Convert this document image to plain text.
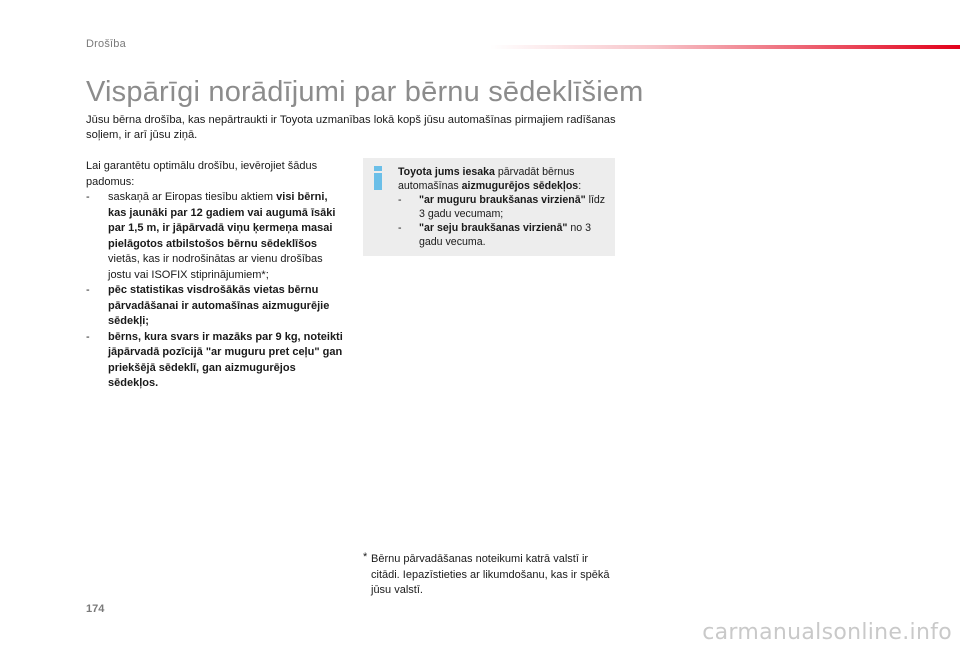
Drošība
Vispārīgi norādījumi par bērnu sēdeklīšiem

Jūsu bērna drošība, kas nepārtraukti ir Toyota uzmanības lokā kopš jūsu automašīnas pirmajiem radīšanas soļiem, ir arī jūsu ziņā.

Lai garantētu optimālu drošību, ievērojiet šādus padomus:

- saskaņā ar Eiropas tiesību aktiem visi bērni, kas jaunāki par 12 gadiem vai augumā īsāki par 1,5 m, ir jāpārvadā viņu ķermeņa masai pielāgotos atbilstošos bērnu sēdeklīšos vietās, kas ir nodrošinātas ar vienu drošības jostu vai ISOFIX stiprinājumiem*;
- pēc statistikas visdrošākās vietas bērnu pārvadāšanai ir automašīnas aizmugurējie sēdekļi;
- bērns, kura svars ir mazāks par 9 kg, noteikti jāpārvadā pozīcijā "ar muguru pret ceļu" gan priekšējā sēdeklī, gan aizmugurējos sēdekļos.

Toyota jums iesaka pārvadāt bērnus automašīnas aizmugurējos sēdekļos:

- "ar muguru braukšanas virzienā" līdz 3 gadu vecumam;
- "ar seju braukšanas virzienā" no 3 gadu vecuma.
* Bērnu pārvadāšanas noteikumi katrā valstī ir citādi. Iepazīstieties ar likumdošanu, kas ir spēkā jūsu valstī.
174
carmanualsonline.info
